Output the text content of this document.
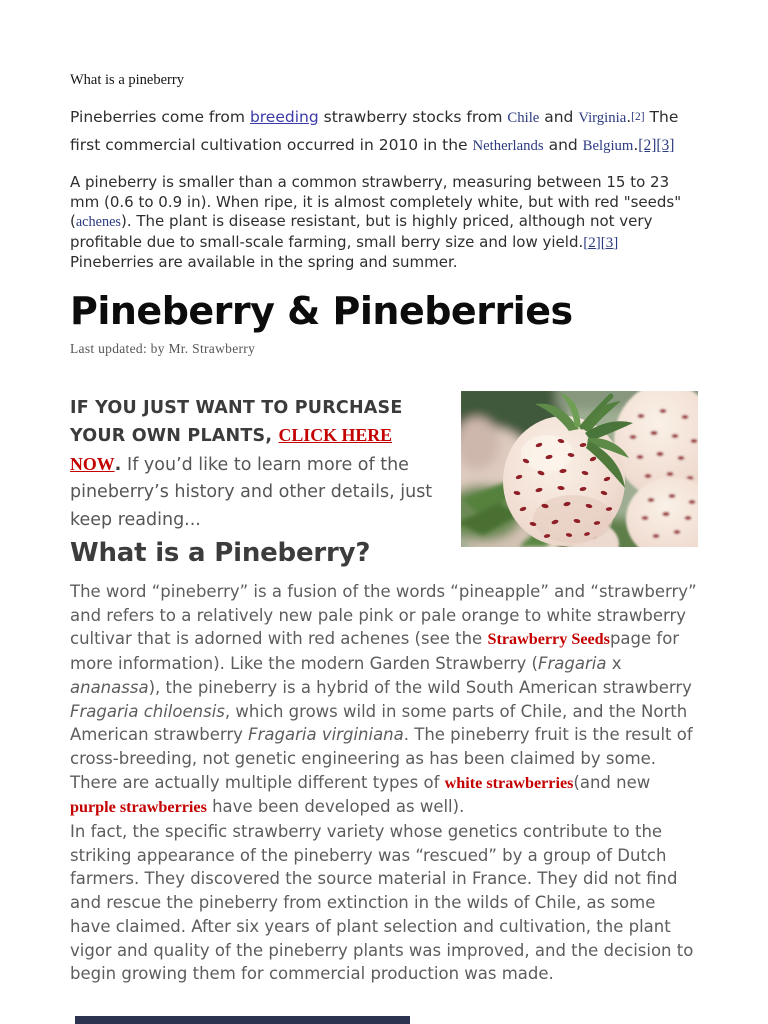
What is a pineberry

Pineberries come from breeding strawberry stocks from Chile and Virginia.[2] The first commercial cultivation occurred in 2010 in the Netherlands and Belgium.[2][3]

A pineberry is smaller than a common strawberry, measuring between 15 to 23 mm (0.6 to 0.9 in). When ripe, it is almost completely white, but with red "seeds" (achenes). The plant is disease resistant, but is highly priced, although not very profitable due to small-scale farming, small berry size and low yield.[2][3] Pineberries are available in the spring and summer.

Pineberry & Pineberries

Last updated: by Mr. Strawberry

IF YOU JUST WANT TO PURCHASE YOUR OWN PLANTS, CLICK HERE NOW. If you’d like to learn more of the pineberry’s history and other details, just keep reading...

What is a Pineberry?

The word “pineberry” is a fusion of the words “pineapple” and “strawberry” and refers to a relatively new pale pink or pale orange to white strawberry cultivar that is adorned with red achenes (see the Strawberry Seedspage for more information). Like the modern Garden Strawberry (Fragaria x ananassa), the pineberry is a hybrid of the wild South American strawberry Fragaria chiloensis, which grows wild in some parts of Chile, and the North American strawberry Fragaria virginiana. The pineberry fruit is the result of cross-breeding, not genetic engineering as has been claimed by some. There are actually multiple different types of white strawberries(and new purple strawberries have been developed as well).

In fact, the specific strawberry variety whose genetics contribute to the striking appearance of the pineberry was “rescued” by a group of Dutch farmers. They discovered the source material in France. They did not find and rescue the pineberry from extinction in the wilds of Chile, as some have claimed. After six years of plant selection and cultivation, the plant vigor and quality of the pineberry plants was improved, and the decision to begin growing them for commercial production was made.
